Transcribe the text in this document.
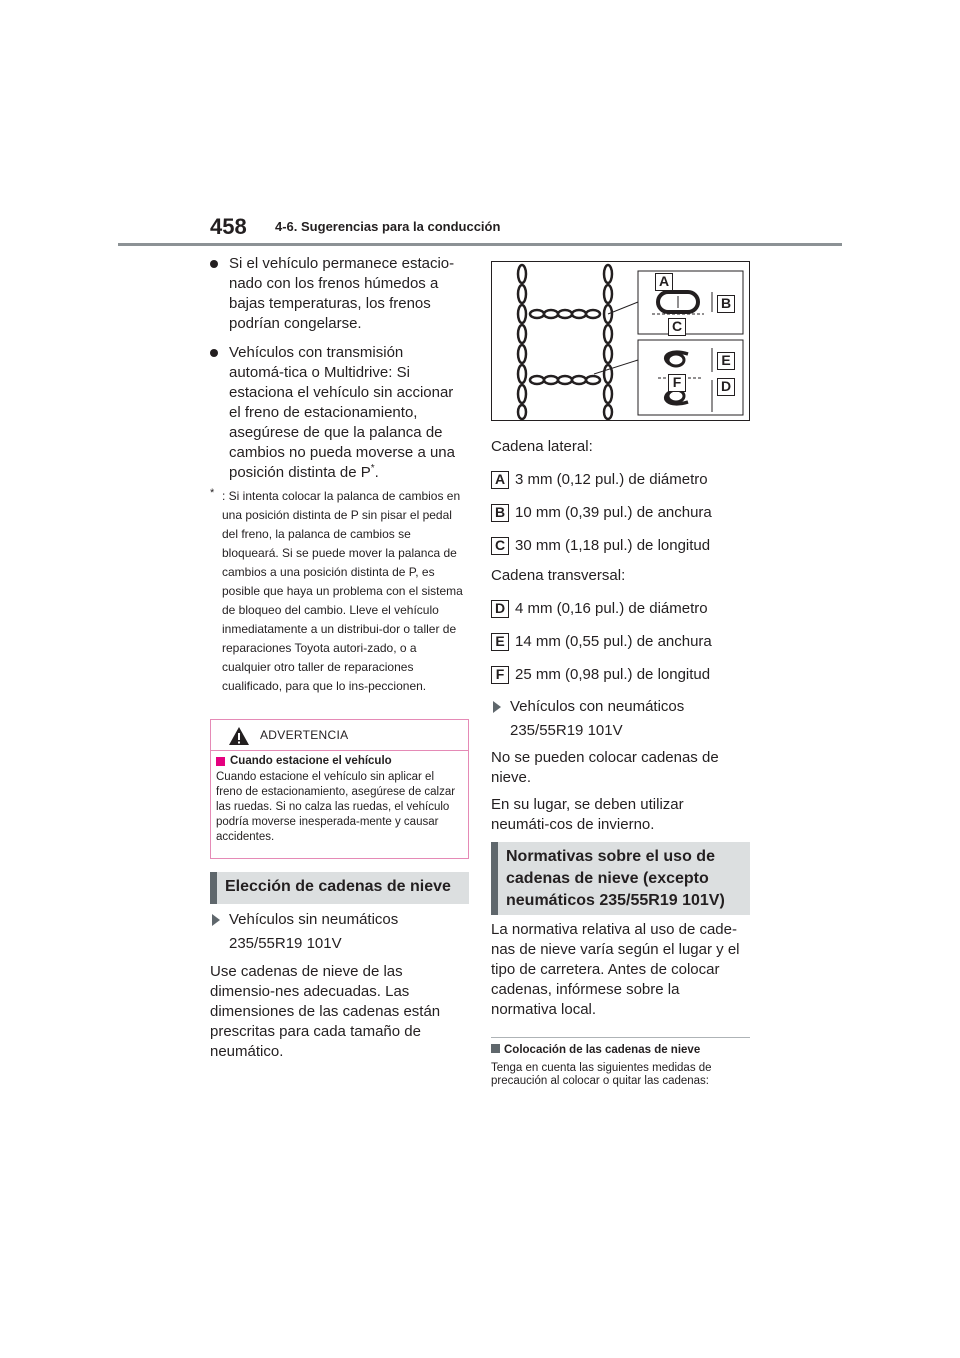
458 4-6. Sugerencias para la conducción
Si el vehículo permanece estacio-nado con los frenos húmedos a bajas temperaturas, los frenos podrían congelarse.
Vehículos con transmisión automá-tica o Multidrive: Si estaciona el vehículo sin accionar el freno de estacionamiento, asegúrese de que la palanca de cambios no pueda moverse a una posición distinta de P*.
* : Si intenta colocar la palanca de cambios en una posición distinta de P sin pisar el pedal del freno, la palanca de cambios se bloqueará. Si se puede mover la palanca de cambios a una posición distinta de P, es posible que haya un problema con el sistema de bloqueo del cambio. Lleve el vehículo inmediatamente a un distribui-dor o taller de reparaciones Toyota autori-zado, o a cualquier otro taller de reparaciones cualificado, para que lo ins-peccionen.
ADVERTENCIA
Cuando estacione el vehículo
Cuando estacione el vehículo sin aplicar el freno de estacionamiento, asegúrese de calzar las ruedas. Si no calza las ruedas, el vehículo podría moverse inesperada-mente y causar accidentes.
Elección de cadenas de nieve
Vehículos sin neumáticos
235/55R19 101V
Use cadenas de nieve de las dimensio-nes adecuadas. Las dimensiones de las cadenas están prescritas para cada tamaño de neumático.
A
B
C
E
F	D
Cadena lateral:
A 3 mm (0,12 pul.) de diámetro
B 10 mm (0,39 pul.) de anchura
C 30 mm (1,18 pul.) de longitud
Cadena transversal:
D 4 mm (0,16 pul.) de diámetro
E 14 mm (0,55 pul.) de anchura
F 25 mm (0,98 pul.) de longitud
Vehículos con neumáticos
235/55R19 101V
No se pueden colocar cadenas de nieve.
En su lugar, se deben utilizar neumáti-cos de invierno.
Normativas sobre el uso de
cadenas de nieve (excepto
neumáticos 235/55R19 101V)
La normativa relativa al uso de cade-nas de nieve varía según el lugar y el tipo de carretera. Antes de colocar cadenas, infórmese sobre la normativa local.
Colocación de las cadenas de nieve
Tenga en cuenta las siguientes medidas de precaución al colocar o quitar las cadenas:
